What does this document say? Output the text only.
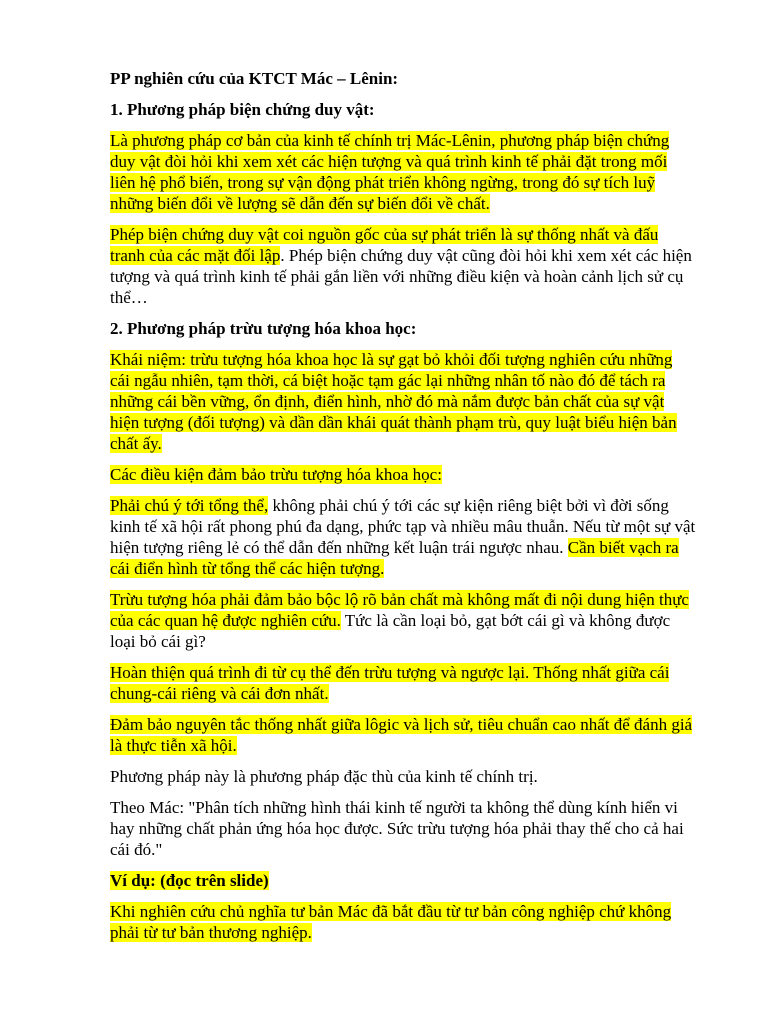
PP nghiên cứu của KTCT Mác – Lênin:

1. Phương pháp biện chứng duy vật:

Là phương pháp cơ bản của kinh tế chính trị Mác-Lênin, phương pháp biện chứng duy vật đòi hỏi khi xem xét các hiện tượng và quá trình kinh tế phải đặt trong mối liên hệ phổ biến, trong sự vận động phát triển không ngừng, trong đó sự tích luỹ những biến đổi về lượng sẽ dẫn đến sự biến đổi về chất.

Phép biện chứng duy vật coi nguồn gốc của sự phát triển là sự thống nhất và đấu tranh của các mặt đối lập. Phép biện chứng duy vật cũng đòi hỏi khi xem xét các hiện tượng và quá trình kinh tế phải gắn liền với những điều kiện và hoàn cảnh lịch sử cụ thể…

2. Phương pháp trừu tượng hóa khoa học:

Khái niệm: trừu tượng hóa khoa học là sự gạt bỏ khỏi đối tượng nghiên cứu những cái ngẫu nhiên, tạm thời, cá biệt hoặc tạm gác lại những nhân tố nào đó để tách ra những cái bền vững, ổn định, điển hình, nhờ đó mà nắm được bản chất của sự vật hiện tượng (đối tượng) và dần dần khái quát thành phạm trù, quy luật biểu hiện bản chất ấy.

Các điều kiện đảm bảo trừu tượng hóa khoa học:

Phải chú ý tới tổng thể, không phải chú ý tới các sự kiện riêng biệt bởi vì đời sống kinh tế xã hội rất phong phú đa dạng, phức tạp và nhiều mâu thuẫn. Nếu từ một sự vật hiện tượng riêng lẻ có thể dẫn đến những kết luận trái ngược nhau. Cần biết vạch ra cái điển hình từ tổng thể các hiện tượng.

Trừu tượng hóa phải đảm bảo bộc lộ rõ bản chất mà không mất đi nội dung hiện thực của các quan hệ được nghiên cứu. Tức là cần loại bỏ, gạt bớt cái gì và không được loại bỏ cái gì?

Hoàn thiện quá trình đi từ cụ thể đến trừu tượng và ngược lại. Thống nhất giữa cái chung-cái riêng và cái đơn nhất.

Đảm bảo nguyên tắc thống nhất giữa lôgic và lịch sử, tiêu chuẩn cao nhất để đánh giá là thực tiễn xã hội.

Phương pháp này là phương pháp đặc thù của kinh tế chính trị.

Theo Mác: "Phân tích những hình thái kinh tế người ta không thể dùng kính hiển vi hay những chất phản ứng hóa học được. Sức trừu tượng hóa phải thay thế cho cả hai cái đó."

Ví dụ: (đọc trên slide)

Khi nghiên cứu chủ nghĩa tư bản Mác đã bắt đầu từ tư bản công nghiệp chứ không phải từ tư bản thương nghiệp.
